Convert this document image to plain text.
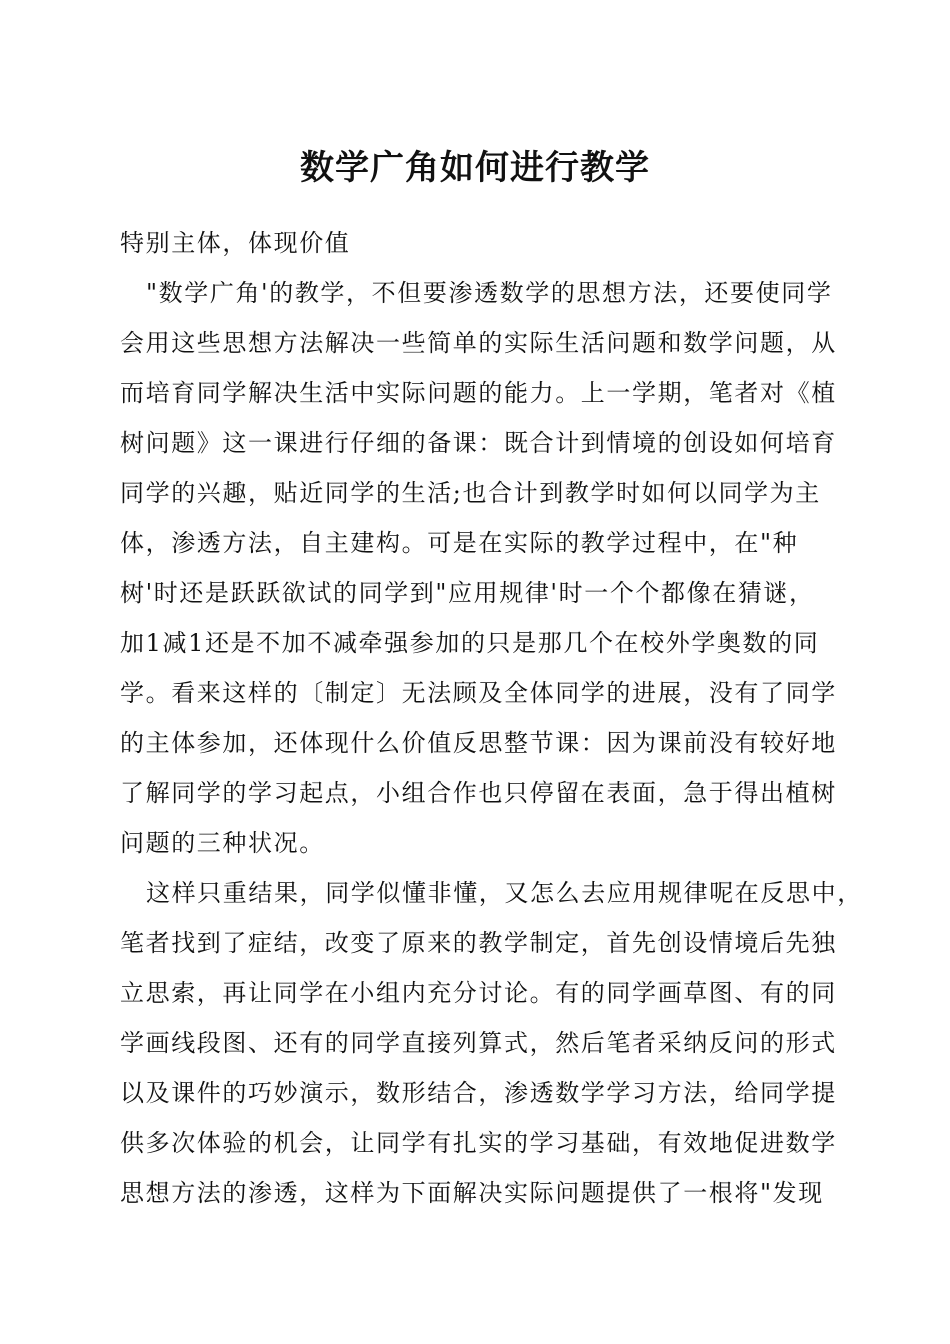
数学广角如何进行教学
特别主体，体现价值
"数学广角'的教学，不但要渗透数学的思想方法，还要使同学
会用这些思想方法解决一些简单的实际生活问题和数学问题，从
而培育同学解决生活中实际问题的能力。上一学期，笔者对《植
树问题》这一课进行仔细的备课：既合计到情境的创设如何培育
同学的兴趣，贴近同学的生活;也合计到教学时如何以同学为主
体，渗透方法，自主建构。可是在实际的教学过程中，在"种
树'时还是跃跃欲试的同学到"应用规律'时一个个都像在猜谜，
加1减1还是不加不减牵强参加的只是那几个在校外学奥数的同
学。看来这样的〔制定〕无法顾及全体同学的进展，没有了同学
的主体参加，还体现什么价值反思整节课：因为课前没有较好地
了解同学的学习起点，小组合作也只停留在表面，急于得出植树
问题的三种状况。
这样只重结果，同学似懂非懂，又怎么去应用规律呢在反思中，
笔者找到了症结，改变了原来的教学制定，首先创设情境后先独
立思索，再让同学在小组内充分讨论。有的同学画草图、有的同
学画线段图、还有的同学直接列算式，然后笔者采纳反问的形式
以及课件的巧妙演示，数形结合，渗透数学学习方法，给同学提
供多次体验的机会，让同学有扎实的学习基础，有效地促进数学
思想方法的渗透，这样为下面解决实际问题提供了一根将"发现
